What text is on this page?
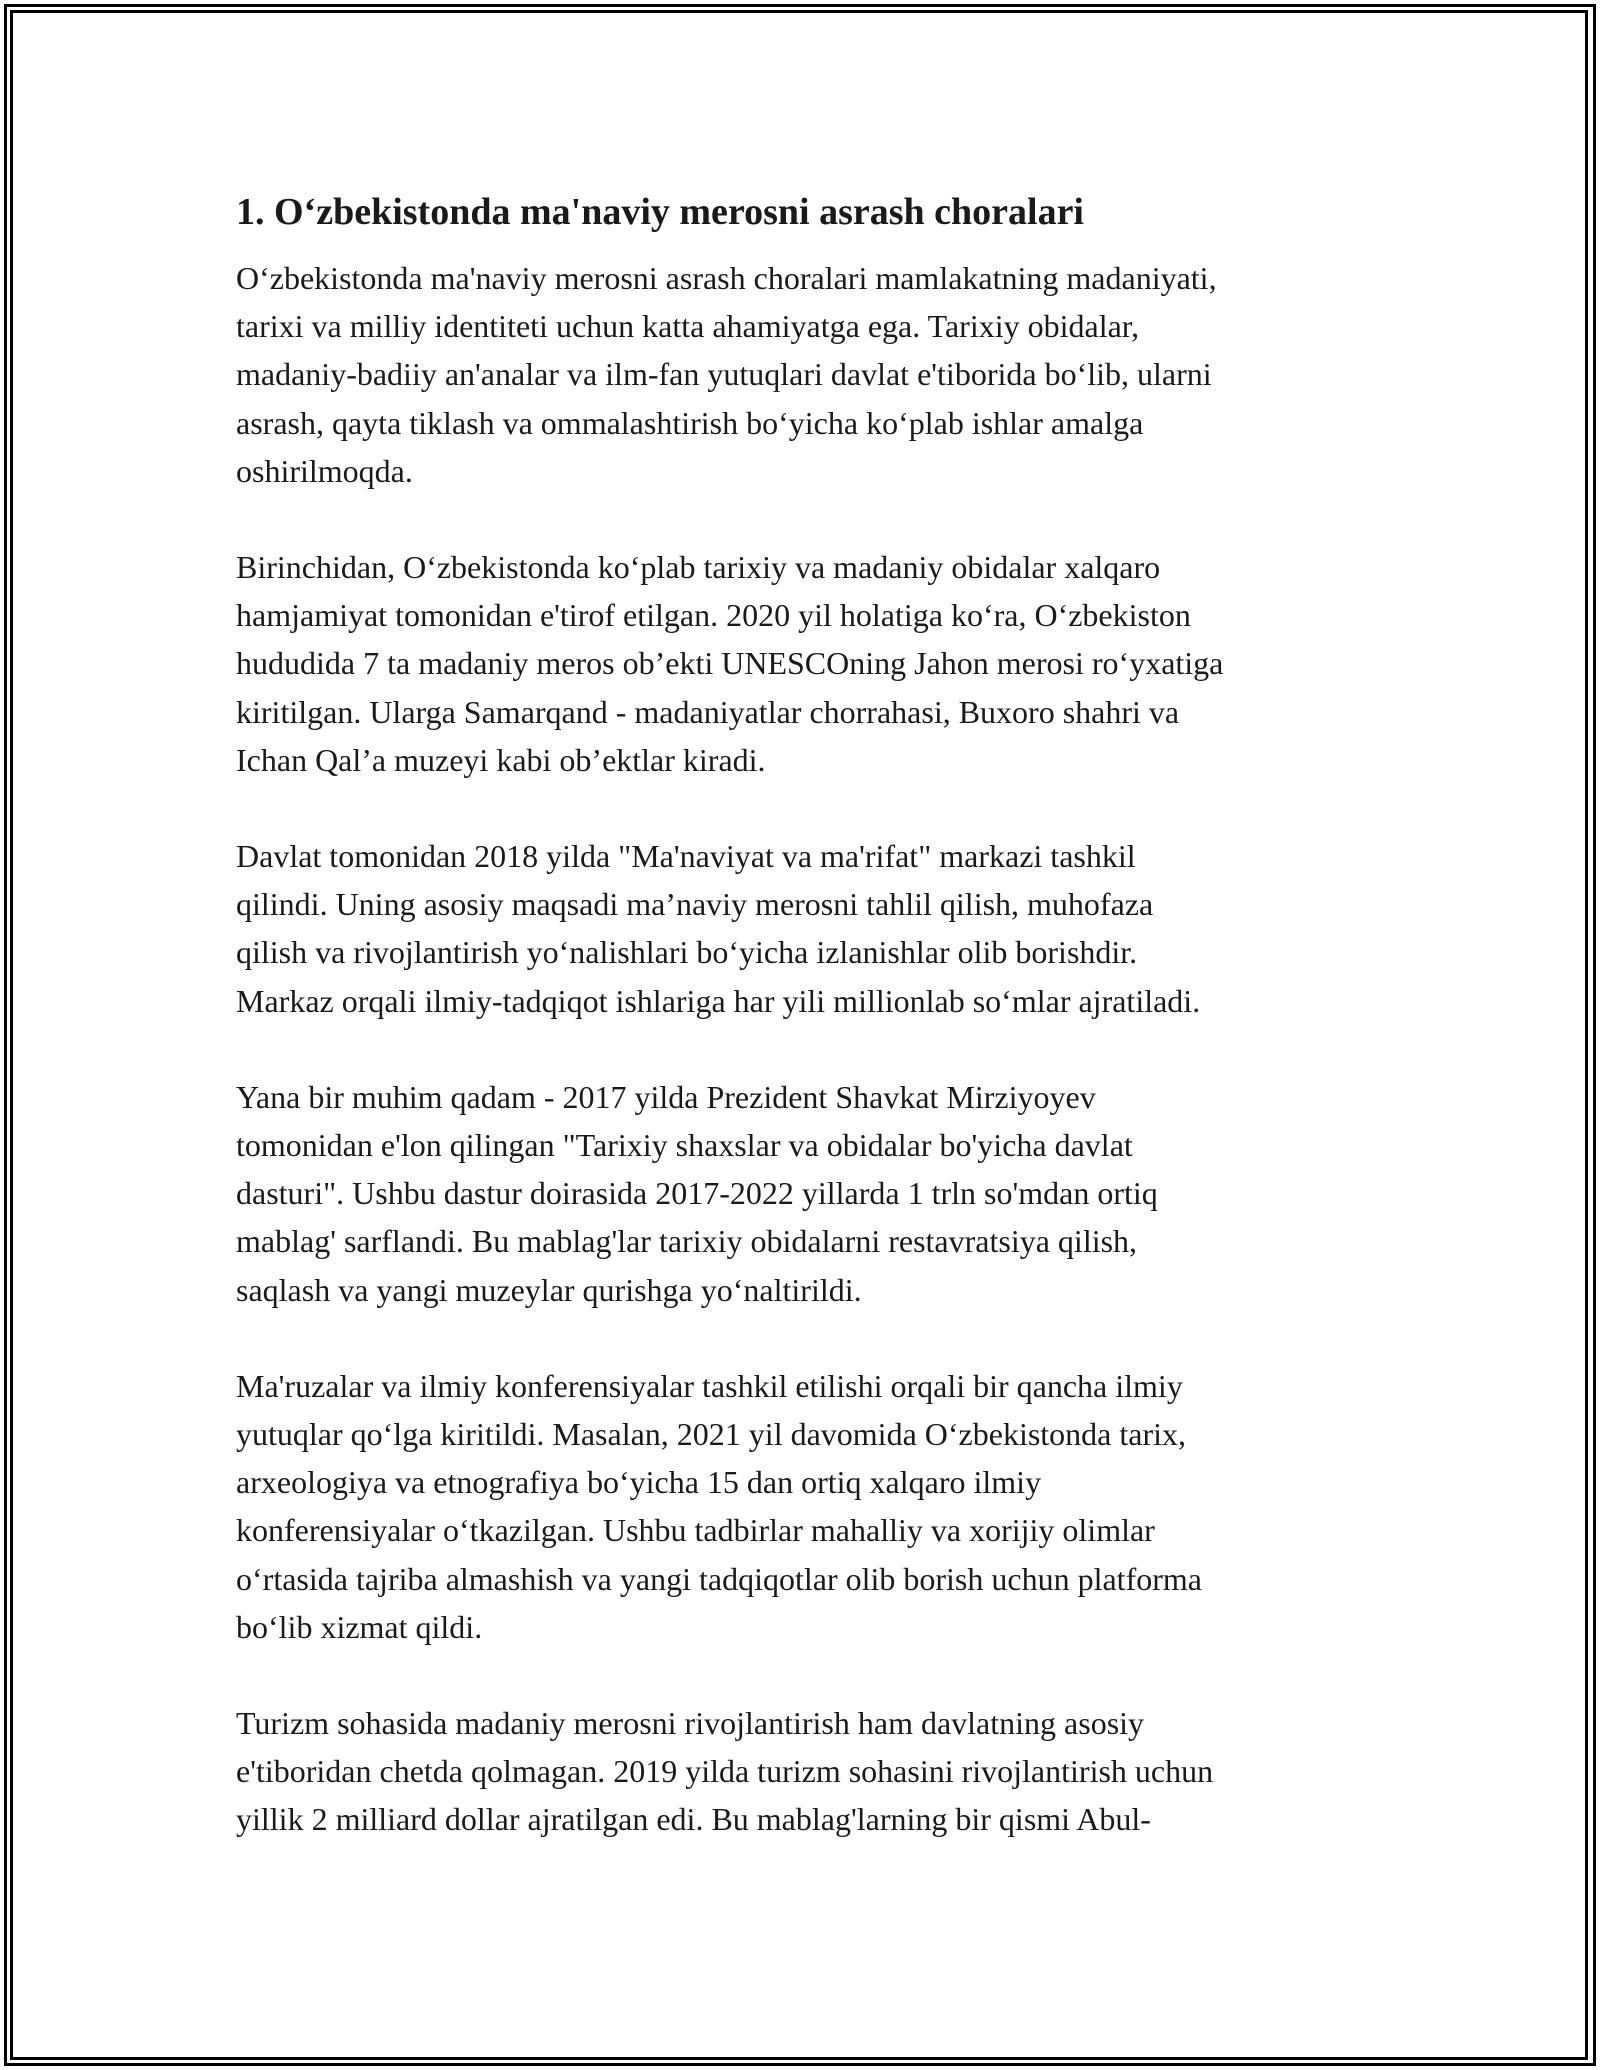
1. O‘zbekistonda ma'naviy merosni asrash choralari

O‘zbekistonda ma'naviy merosni asrash choralari mamlakatning madaniyati,
tarixi va milliy identiteti uchun katta ahamiyatga ega. Tarixiy obidalar,
madaniy-badiiy an'analar va ilm-fan yutuqlari davlat e'tiborida bo‘lib, ularni
asrash, qayta tiklash va ommalashtirish bo‘yicha ko‘plab ishlar amalga
oshirilmoqda.

Birinchidan, O‘zbekistonda ko‘plab tarixiy va madaniy obidalar xalqaro
hamjamiyat tomonidan e'tirof etilgan. 2020 yil holatiga ko‘ra, O‘zbekiston
hududida 7 ta madaniy meros ob’ekti UNESCOning Jahon merosi ro‘yxatiga
kiritilgan. Ularga Samarqand - madaniyatlar chorrahasi, Buxoro shahri va
Ichan Qal’a muzeyi kabi ob’ektlar kiradi.

Davlat tomonidan 2018 yilda "Ma'naviyat va ma'rifat" markazi tashkil
qilindi. Uning asosiy maqsadi ma’naviy merosni tahlil qilish, muhofaza
qilish va rivojlantirish yo‘nalishlari bo‘yicha izlanishlar olib borishdir.
Markaz orqali ilmiy-tadqiqot ishlariga har yili millionlab so‘mlar ajratiladi.

Yana bir muhim qadam - 2017 yilda Prezident Shavkat Mirziyoyev
tomonidan e'lon qilingan "Tarixiy shaxslar va obidalar bo'yicha davlat
dasturi". Ushbu dastur doirasida 2017-2022 yillarda 1 trln so'mdan ortiq
mablag' sarflandi. Bu mablag'lar tarixiy obidalarni restavratsiya qilish,
saqlash va yangi muzeylar qurishga yo‘naltirildi.

Ma'ruzalar va ilmiy konferensiyalar tashkil etilishi orqali bir qancha ilmiy
yutuqlar qo‘lga kiritildi. Masalan, 2021 yil davomida O‘zbekistonda tarix,
arxeologiya va etnografiya bo‘yicha 15 dan ortiq xalqaro ilmiy
konferensiyalar o‘tkazilgan. Ushbu tadbirlar mahalliy va xorijiy olimlar
o‘rtasida tajriba almashish va yangi tadqiqotlar olib borish uchun platforma
bo‘lib xizmat qildi.

Turizm sohasida madaniy merosni rivojlantirish ham davlatning asosiy
e'tiboridan chetda qolmagan. 2019 yilda turizm sohasini rivojlantirish uchun
yillik 2 milliard dollar ajratilgan edi. Bu mablag'larning bir qismi Abul-
